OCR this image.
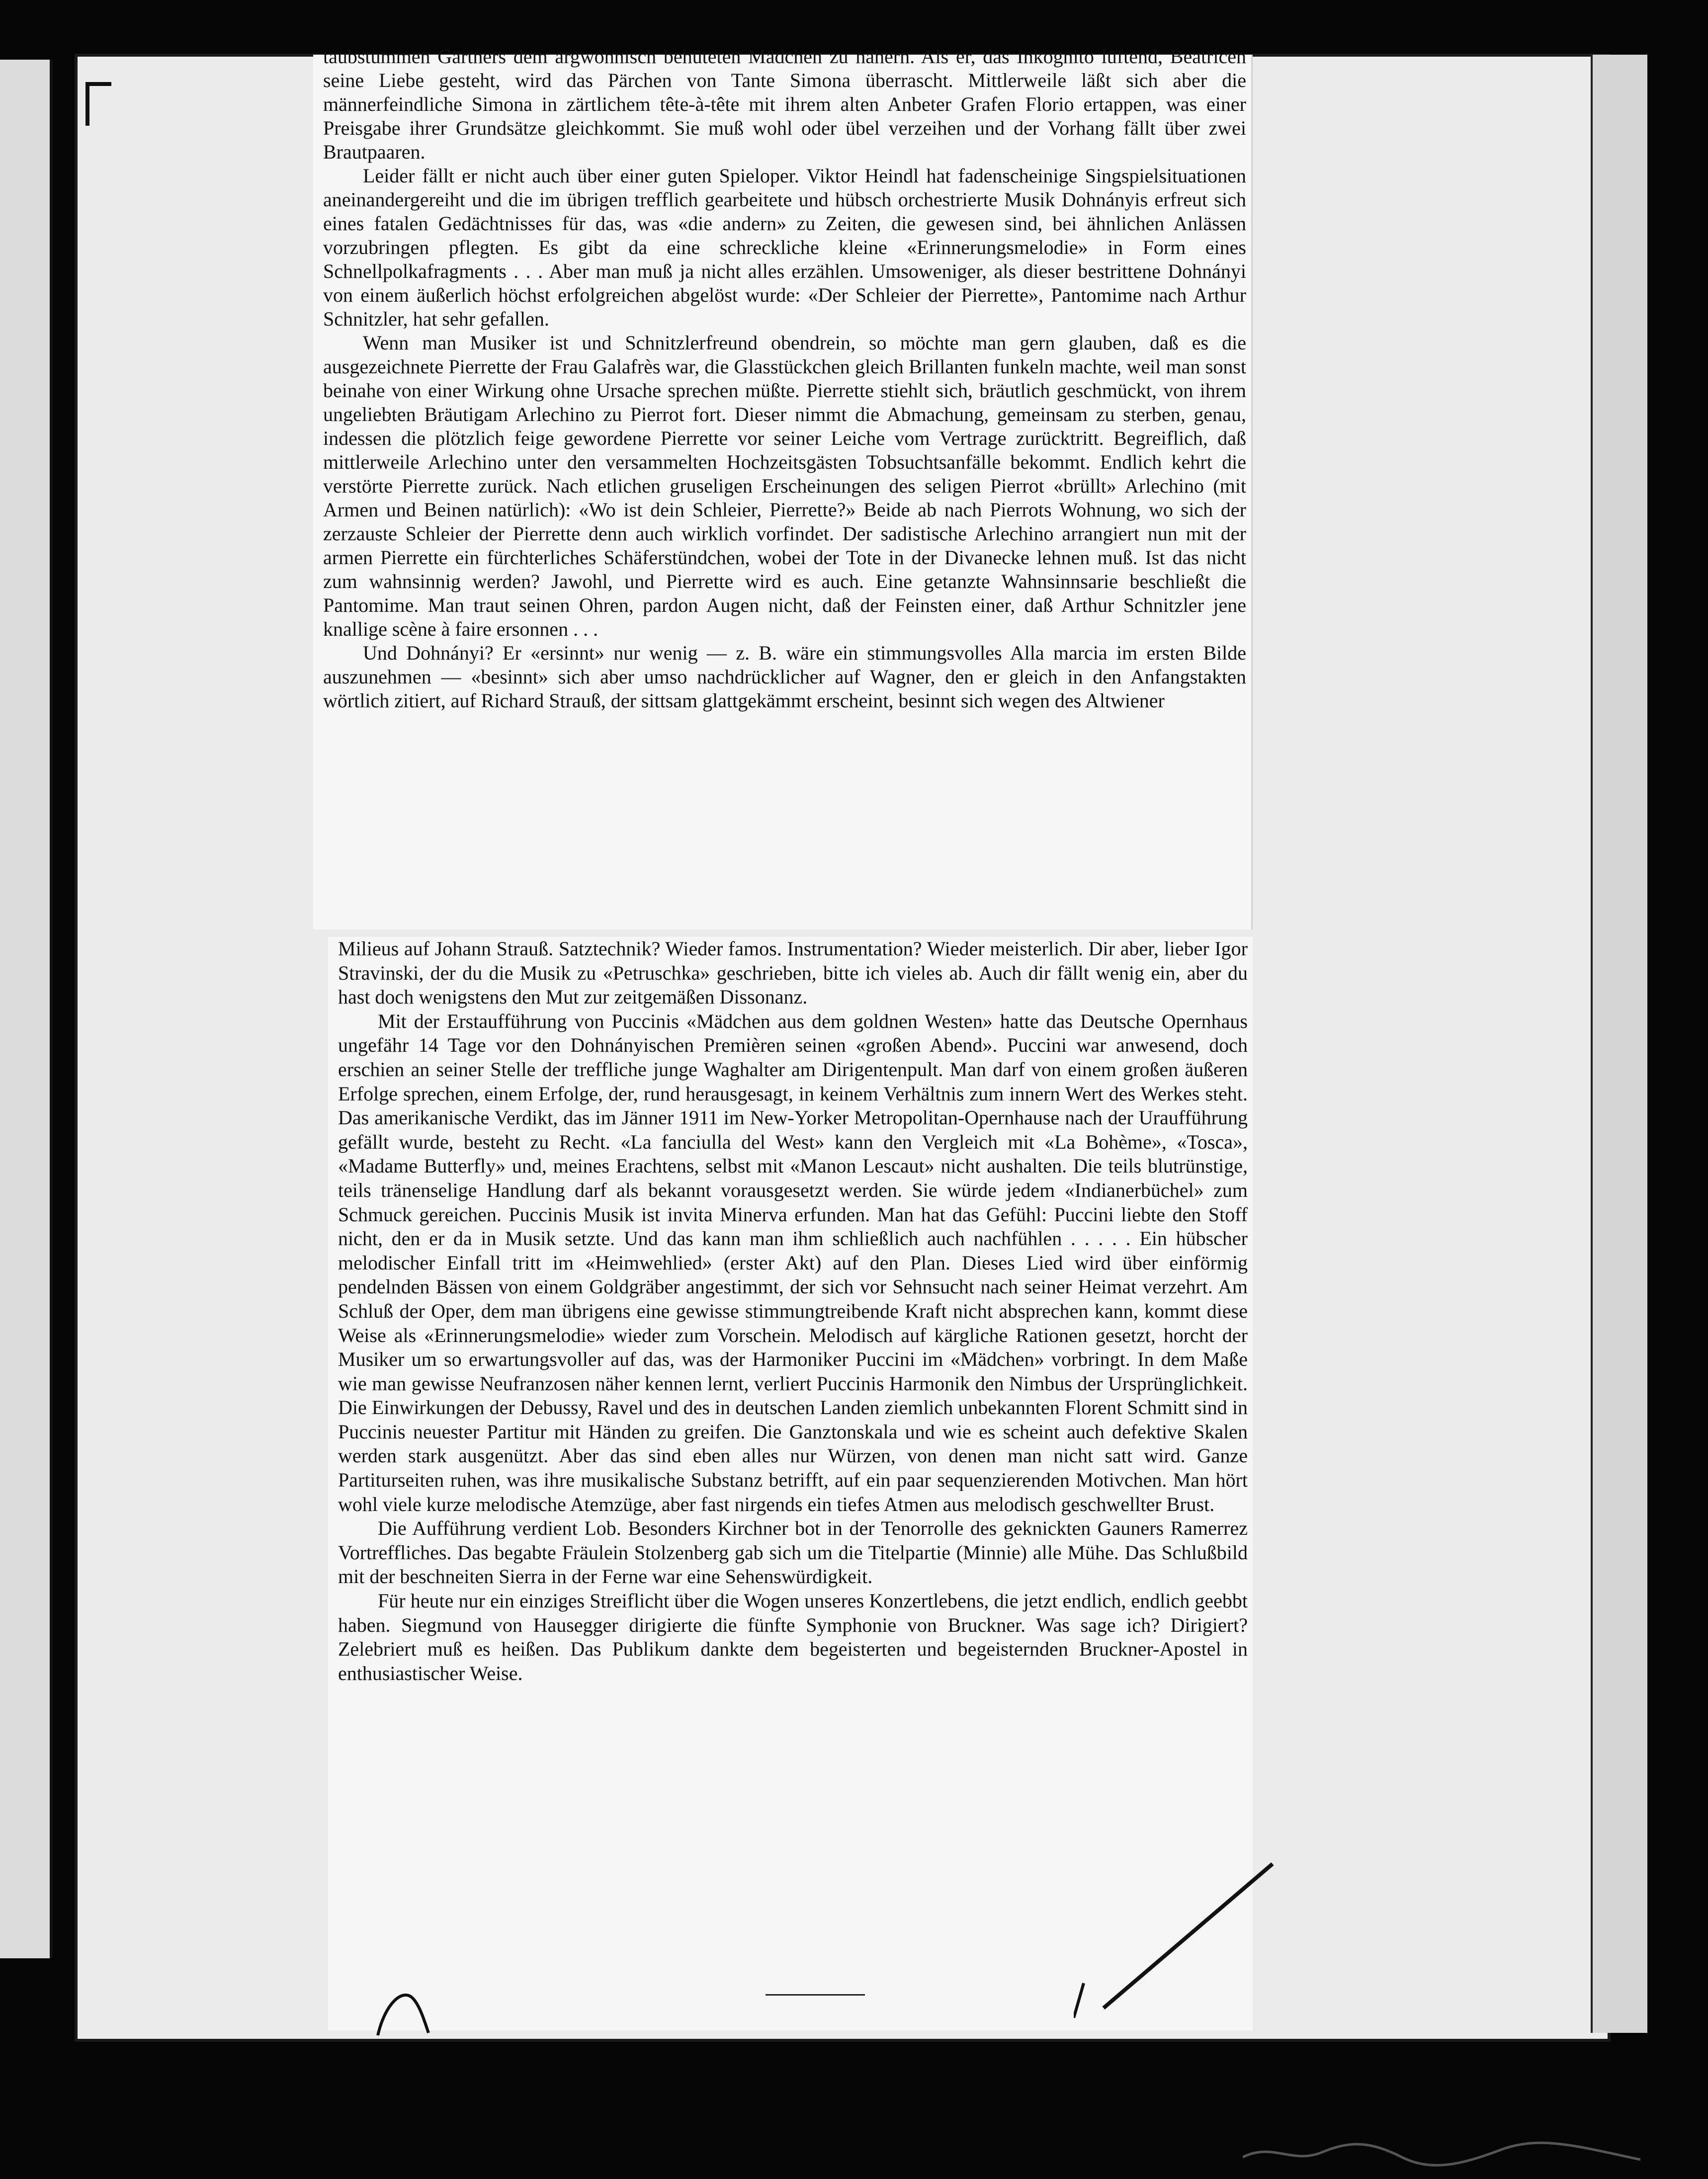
taubstummen Gärtners dem argwöhnisch behüteten Mädchen zu nähern. Als er, das Inkognito lüftend, Beatricen seine Liebe gesteht, wird das Pärchen von Tante Simona überrascht. Mittlerweile läßt sich aber die männerfeindliche Simona in zärtlichem tête-à-tête mit ihrem alten Anbeter Grafen Florio ertappen, was einer Preisgabe ihrer Grundsätze gleichkommt. Sie muß wohl oder übel verzeihen und der Vorhang fällt über zwei Brautpaaren.

Leider fällt er nicht auch über einer guten Spieloper. Viktor Heindl hat fadenscheinige Singspielsituationen aneinandergereiht und die im übrigen trefflich gearbeitete und hübsch orchestrierte Musik Dohnányis erfreut sich eines fatalen Gedächtnisses für das, was «die andern» zu Zeiten, die gewesen sind, bei ähnlichen Anlässen vorzubringen pflegten. Es gibt da eine schreckliche kleine «Erinnerungsmelodie» in Form eines Schnellpolkafragments . . . Aber man muß ja nicht alles erzählen. Umsoweniger, als dieser bestrittene Dohnányi von einem äußerlich höchst erfolgreichen abgelöst wurde: «Der Schleier der Pierrette», Pantomime nach Arthur Schnitzler, hat sehr gefallen.

Wenn man Musiker ist und Schnitzlerfreund obendrein, so möchte man gern glauben, daß es die ausgezeichnete Pierrette der Frau Galafrès war, die Glasstückchen gleich Brillanten funkeln machte, weil man sonst beinahe von einer Wirkung ohne Ursache sprechen müßte. Pierrette stiehlt sich, bräutlich geschmückt, von ihrem ungeliebten Bräutigam Arlechino zu Pierrot fort. Dieser nimmt die Abmachung, gemeinsam zu sterben, genau, indessen die plötzlich feige gewordene Pierrette vor seiner Leiche vom Vertrage zurücktritt. Begreiflich, daß mittlerweile Arlechino unter den versammelten Hochzeitsgästen Tobsuchtsanfälle bekommt. Endlich kehrt die verstörte Pierrette zurück. Nach etlichen gruseligen Erscheinungen des seligen Pierrot «brüllt» Arlechino (mit Armen und Beinen natürlich): «Wo ist dein Schleier, Pierrette?» Beide ab nach Pierrots Wohnung, wo sich der zerzauste Schleier der Pierrette denn auch wirklich vorfindet. Der sadistische Arlechino arrangiert nun mit der armen Pierrette ein fürchterliches Schäferstündchen, wobei der Tote in der Divanecke lehnen muß. Ist das nicht zum wahnsinnig werden? Jawohl, und Pierrette wird es auch. Eine getanzte Wahnsinnsarie beschließt die Pantomime. Man traut seinen Ohren, pardon Augen nicht, daß der Feinsten einer, daß Arthur Schnitzler jene knallige scène à faire ersonnen . . .

Und Dohnányi? Er «ersinnt» nur wenig — z. B. wäre ein stimmungsvolles Alla marcia im ersten Bilde auszunehmen — «besinnt» sich aber umso nachdrücklicher auf Wagner, den er gleich in den Anfangstakten wörtlich zitiert, auf Richard Strauß, der sittsam glattgekämmt erscheint, besinnt sich wegen des Altwiener

Milieus auf Johann Strauß. Satztechnik? Wieder famos. Instrumentation? Wieder meisterlich. Dir aber, lieber Igor Stravinski, der du die Musik zu «Petruschka» geschrieben, bitte ich vieles ab. Auch dir fällt wenig ein, aber du hast doch wenigstens den Mut zur zeitgemäßen Dissonanz.

Mit der Erstaufführung von Puccinis «Mädchen aus dem goldnen Westen» hatte das Deutsche Opernhaus ungefähr 14 Tage vor den Dohnányischen Premièren seinen «großen Abend». Puccini war anwesend, doch erschien an seiner Stelle der treffliche junge Waghalter am Dirigentenpult. Man darf von einem großen äußeren Erfolge sprechen, einem Erfolge, der, rund herausgesagt, in keinem Verhältnis zum innern Wert des Werkes steht. Das amerikanische Verdikt, das im Jänner 1911 im New-Yorker Metropolitan-Opernhause nach der Uraufführung gefällt wurde, besteht zu Recht. «La fanciulla del West» kann den Vergleich mit «La Bohème», «Tosca», «Madame Butterfly» und, meines Erachtens, selbst mit «Manon Lescaut» nicht aushalten. Die teils blutrünstige, teils tränenselige Handlung darf als bekannt vorausgesetzt werden. Sie würde jedem «Indianerbüchel» zum Schmuck gereichen. Puccinis Musik ist invita Minerva erfunden. Man hat das Gefühl: Puccini liebte den Stoff nicht, den er da in Musik setzte. Und das kann man ihm schließlich auch nachfühlen . . . . . Ein hübscher melodischer Einfall tritt im «Heimwehlied» (erster Akt) auf den Plan. Dieses Lied wird über einförmig pendelnden Bässen von einem Goldgräber angestimmt, der sich vor Sehnsucht nach seiner Heimat verzehrt. Am Schluß der Oper, dem man übrigens eine gewisse stimmungtreibende Kraft nicht absprechen kann, kommt diese Weise als «Erinnerungsmelodie» wieder zum Vorschein. Melodisch auf kärgliche Rationen gesetzt, horcht der Musiker um so erwartungsvoller auf das, was der Harmoniker Puccini im «Mädchen» vorbringt. In dem Maße wie man gewisse Neufranzosen näher kennen lernt, verliert Puccinis Harmonik den Nimbus der Ursprünglichkeit. Die Einwirkungen der Debussy, Ravel und des in deutschen Landen ziemlich unbekannten Florent Schmitt sind in Puccinis neuester Partitur mit Händen zu greifen. Die Ganztonskala und wie es scheint auch defektive Skalen werden stark ausgenützt. Aber das sind eben alles nur Würzen, von denen man nicht satt wird. Ganze Partiturseiten ruhen, was ihre musikalische Substanz betrifft, auf ein paar sequenzierenden Motivchen. Man hört wohl viele kurze melodische Atemzüge, aber fast nirgends ein tiefes Atmen aus melodisch geschwellter Brust.

Die Aufführung verdient Lob. Besonders Kirchner bot in der Tenorrolle des geknickten Gauners Ramerrez Vortreffliches. Das begabte Fräulein Stolzenberg gab sich um die Titelpartie (Minnie) alle Mühe. Das Schlußbild mit der beschneiten Sierra in der Ferne war eine Sehenswürdigkeit.

Für heute nur ein einziges Streiflicht über die Wogen unseres Konzertlebens, die jetzt endlich, endlich geebbt haben. Siegmund von Hausegger dirigierte die fünfte Symphonie von Bruckner. Was sage ich? Dirigiert? Zelebriert muß es heißen. Das Publikum dankte dem begeisterten und begeisternden Bruckner-Apostel in enthusiastischer Weise.
